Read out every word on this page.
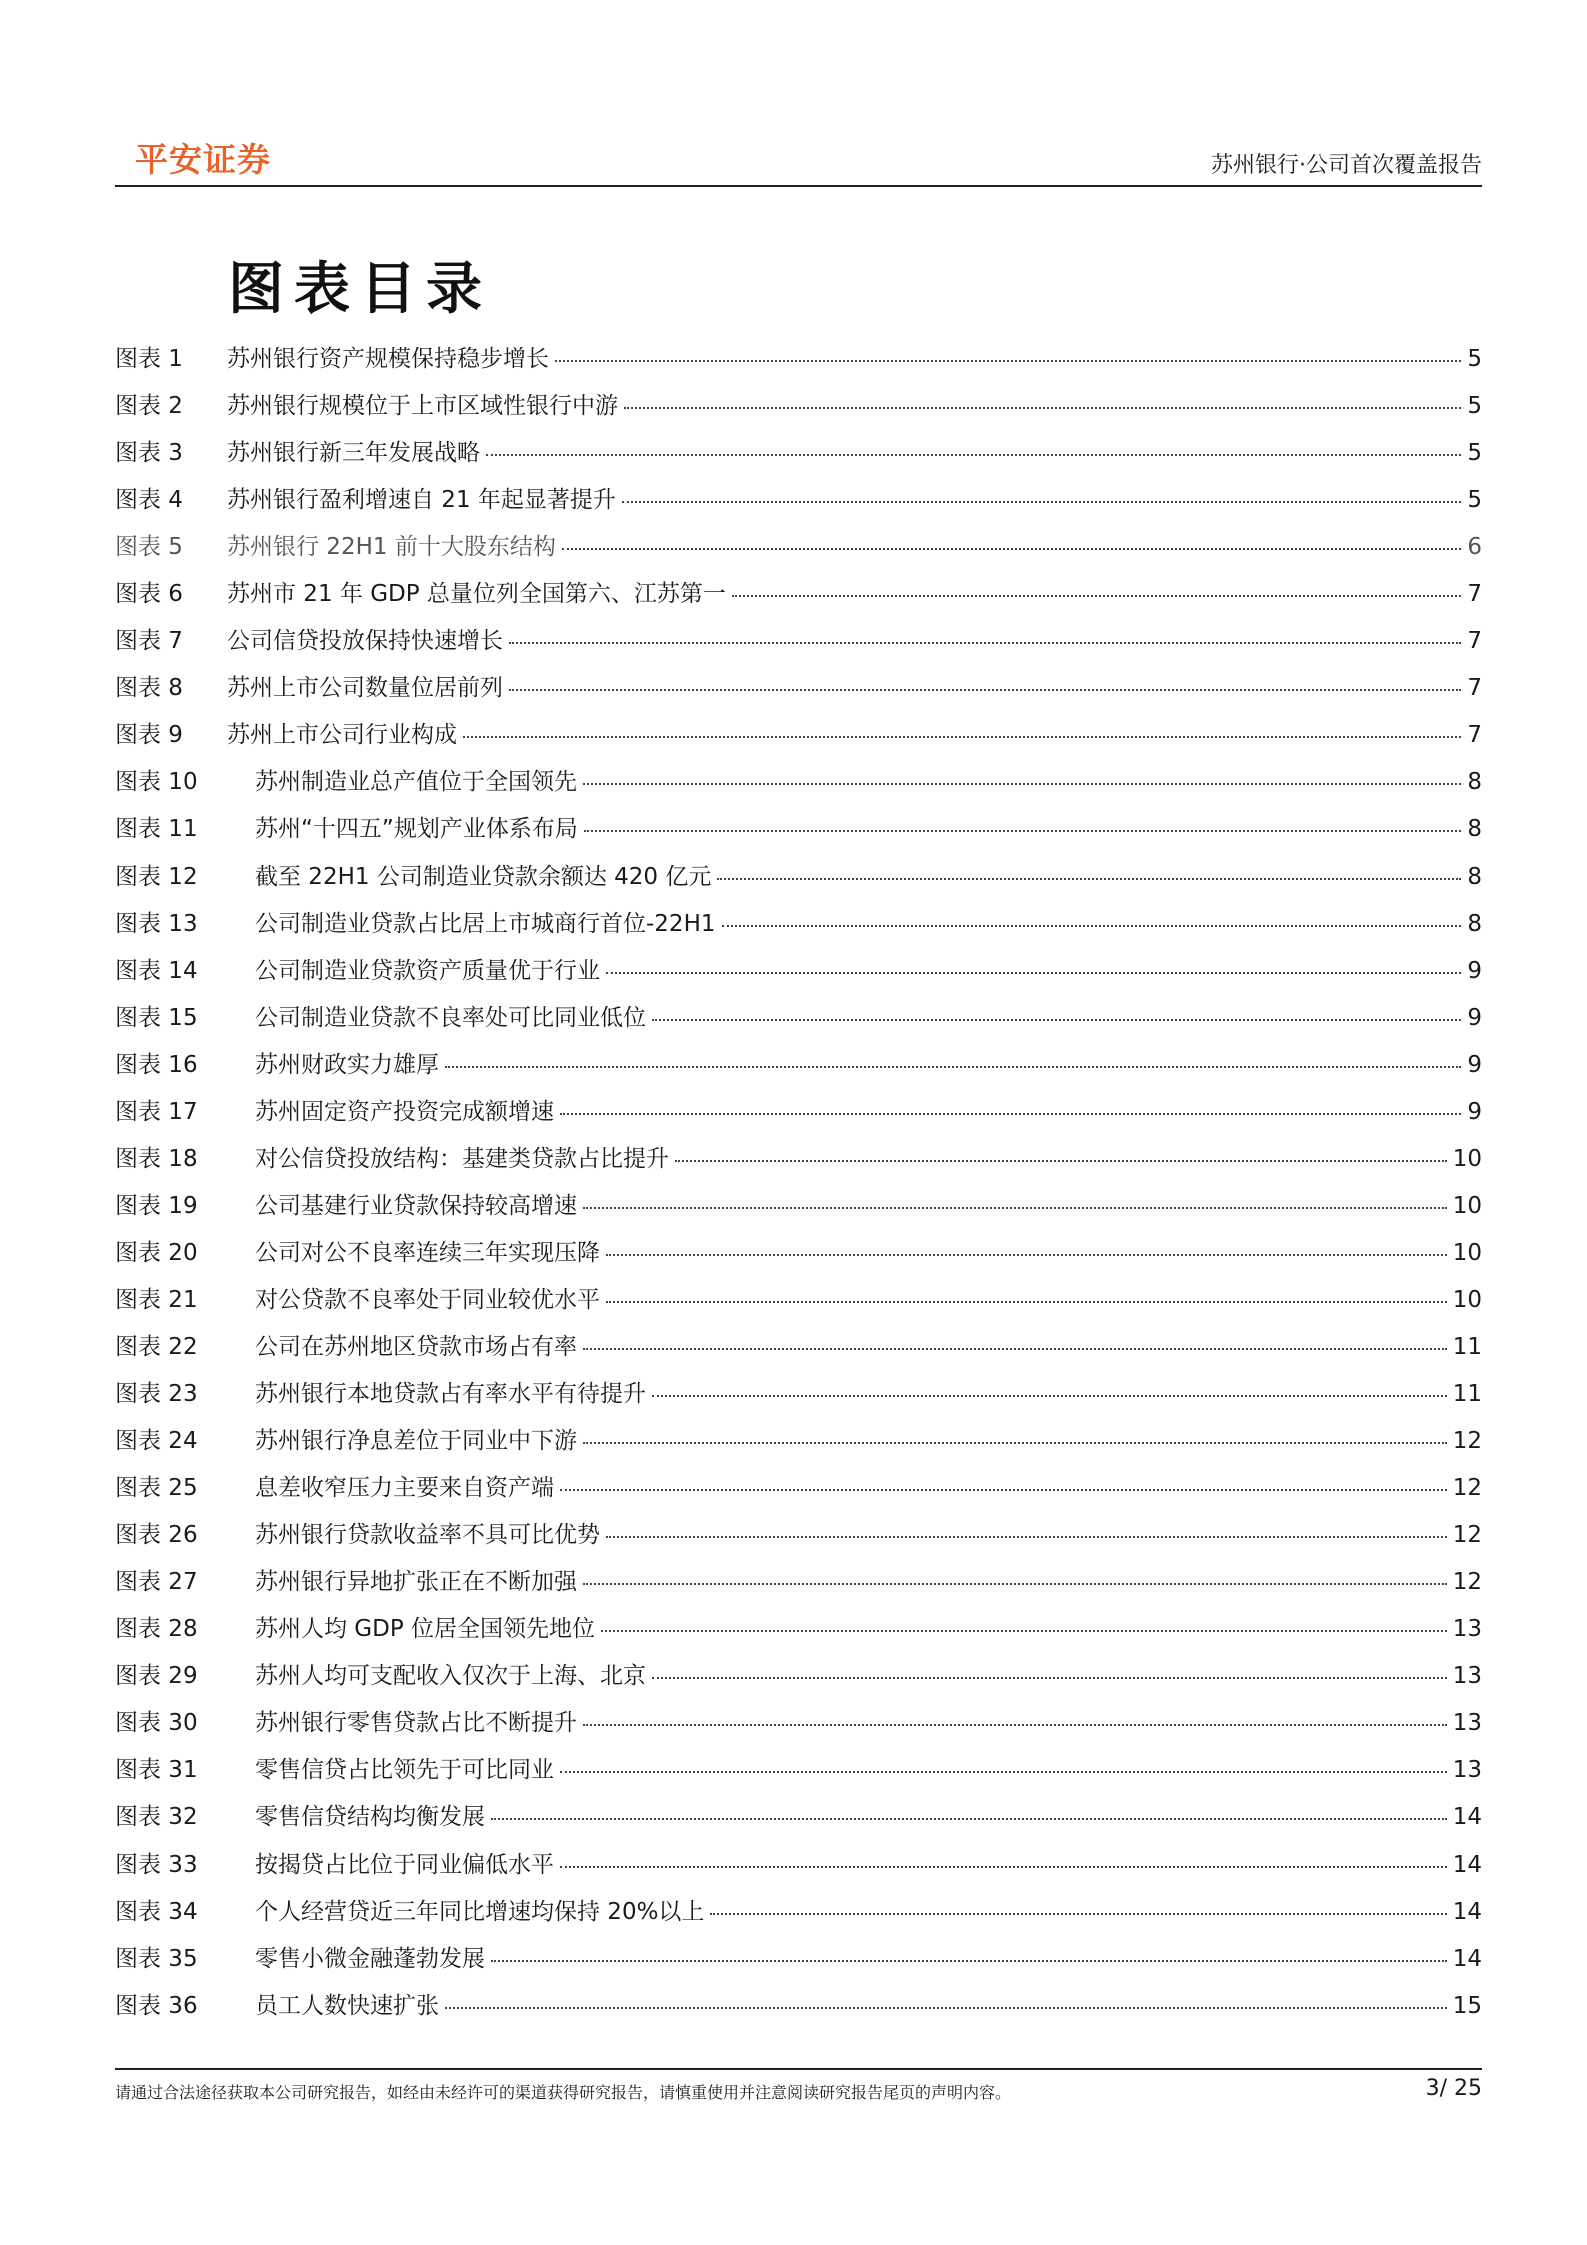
平安证券	苏州银行·公司首次覆盖报告
图表目录
图表 1	苏州银行资产规模保持稳步增长	5
图表 2	苏州银行规模位于上市区域性银行中游	5
图表 3	苏州银行新三年发展战略	5
图表 4	苏州银行盈利增速自 21 年起显著提升	5
图表 5	苏州银行 22H1 前十大股东结构	6
图表 6	苏州市 21 年 GDP 总量位列全国第六、江苏第一	7
图表 7	公司信贷投放保持快速增长	7
图表 8	苏州上市公司数量位居前列	7
图表 9	苏州上市公司行业构成	7
图表 10	苏州制造业总产值位于全国领先	8
图表 11	苏州“十四五”规划产业体系布局	8
图表 12	截至 22H1 公司制造业贷款余额达 420 亿元	8
图表 13	公司制造业贷款占比居上市城商行首位-22H1	8
图表 14	公司制造业贷款资产质量优于行业	9
图表 15	公司制造业贷款不良率处可比同业低位	9
图表 16	苏州财政实力雄厚	9
图表 17	苏州固定资产投资完成额增速	9
图表 18	对公信贷投放结构：基建类贷款占比提升	10
图表 19	公司基建行业贷款保持较高增速	10
图表 20	公司对公不良率连续三年实现压降	10
图表 21	对公贷款不良率处于同业较优水平	10
图表 22	公司在苏州地区贷款市场占有率	11
图表 23	苏州银行本地贷款占有率水平有待提升	11
图表 24	苏州银行净息差位于同业中下游	12
图表 25	息差收窄压力主要来自资产端	12
图表 26	苏州银行贷款收益率不具可比优势	12
图表 27	苏州银行异地扩张正在不断加强	12
图表 28	苏州人均 GDP 位居全国领先地位	13
图表 29	苏州人均可支配收入仅次于上海、北京	13
图表 30	苏州银行零售贷款占比不断提升	13
图表 31	零售信贷占比领先于可比同业	13
图表 32	零售信贷结构均衡发展	14
图表 33	按揭贷占比位于同业偏低水平	14
图表 34	个人经营贷近三年同比增速均保持 20%以上	14
图表 35	零售小微金融蓬勃发展	14
图表 36	员工人数快速扩张	15
请通过合法途径获取本公司研究报告，如经由未经许可的渠道获得研究报告，请慎重使用并注意阅读研究报告尾页的声明内容。	3/ 25
